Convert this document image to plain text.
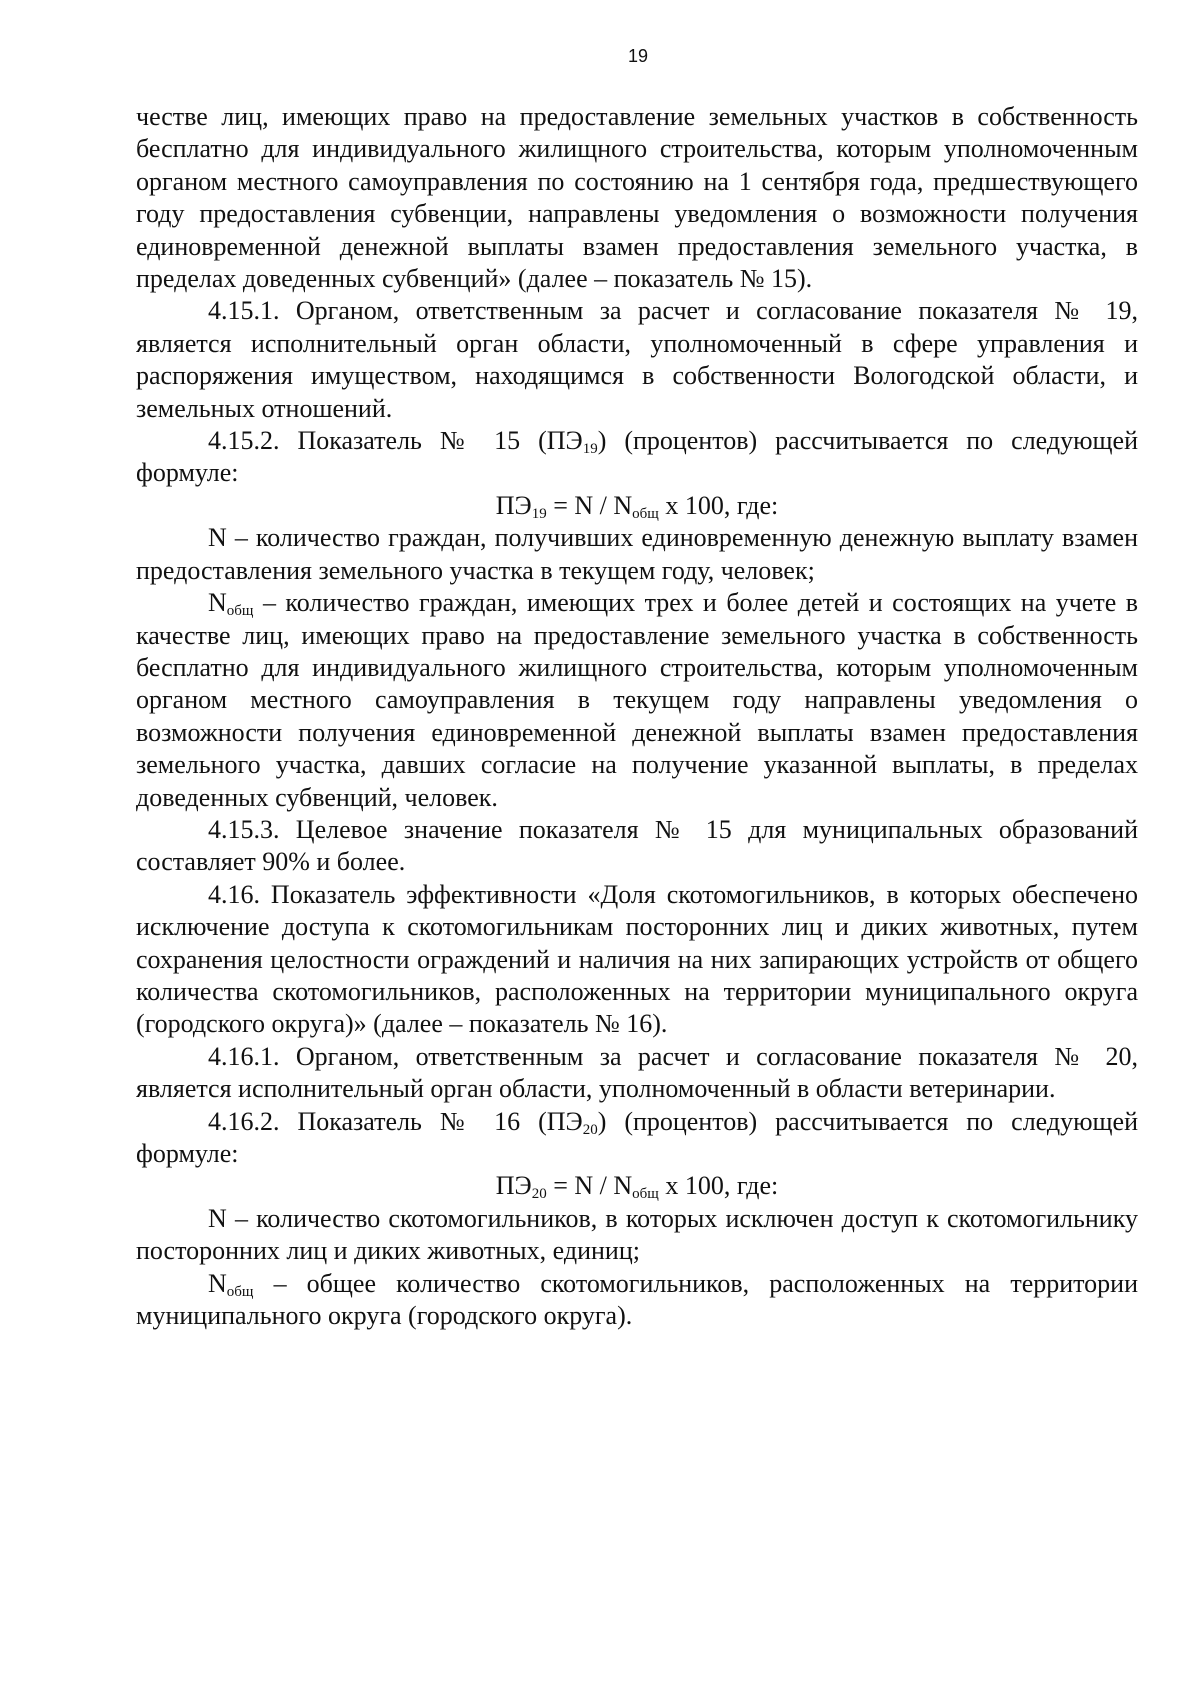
19

честве лиц, имеющих право на предоставление земельных участков в собственность бесплатно для индивидуального жилищного строительства, которым уполномоченным органом местного самоуправления по состоянию на 1 сентября года, предшествующего году предоставления субвенции, направлены уведомления о возможности получения единовременной денежной выплаты взамен предоставления земельного участка, в пределах доведенных субвенций» (далее – показатель № 15).

4.15.1. Органом, ответственным за расчет и согласование показателя № 19, является исполнительный орган области, уполномоченный в сфере управления и распоряжения имуществом, находящимся в собственности Вологодской области, и земельных отношений.

4.15.2. Показатель № 15 $(ПЭ_{19})$ (процентов) рассчитывается по следующей формуле:

$ПЭ_{19} = N / N_{общ}$ x 100, где:

N – количество граждан, получивших единовременную денежную выплату взамен предоставления земельного участка в текущем году, человек;

$N_{общ}$ – количество граждан, имеющих трех и более детей и состоящих на учете в качестве лиц, имеющих право на предоставление земельного участка в собственность бесплатно для индивидуального жилищного строительства, которым уполномоченным органом местного самоуправления в текущем году направлены уведомления о возможности получения единовременной денежной выплаты взамен предоставления земельного участка, давших согласие на получение указанной выплаты, в пределах доведенных субвенций, человек.

4.15.3. Целевое значение показателя № 15 для муниципальных образований составляет 90% и более.

4.16. Показатель эффективности «Доля скотомогильников, в которых обеспечено исключение доступа к скотомогильникам посторонних лиц и диких животных, путем сохранения целостности ограждений и наличия на них запирающих устройств от общего количества скотомогильников, расположенных на территории муниципального округа (городского округа)» (далее – показатель № 16).

4.16.1. Органом, ответственным за расчет и согласование показателя № 20, является исполнительный орган области, уполномоченный в области ветеринарии.

4.16.2. Показатель № 16 $(ПЭ_{20})$ (процентов) рассчитывается по следующей формуле:

$ПЭ_{20} = N / N_{общ}$ x 100, где:

N – количество скотомогильников, в которых исключен доступ к скотомогильнику посторонних лиц и диких животных, единиц;

$N_{общ}$ – общее количество скотомогильников, расположенных на территории муниципального округа (городского округа).
